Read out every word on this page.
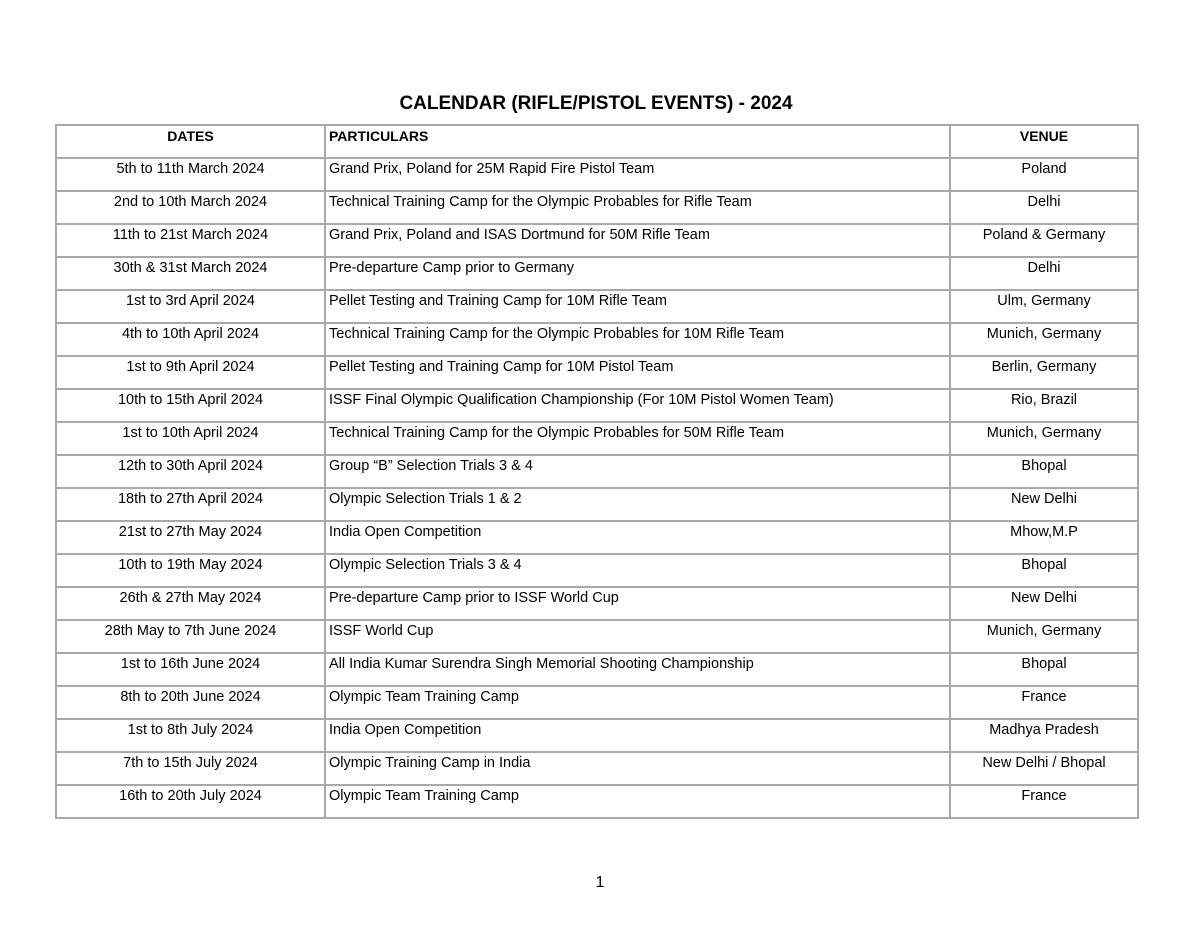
CALENDAR (RIFLE/PISTOL EVENTS) - 2024
DATES	PARTICULARS	VENUE
5th to 11th March 2024	Grand Prix, Poland for 25M Rapid Fire Pistol Team	Poland
2nd to 10th March 2024	Technical Training Camp for the Olympic Probables for Rifle Team	Delhi
11th to 21st March 2024	Grand Prix, Poland and ISAS Dortmund for 50M Rifle Team	Poland & Germany
30th & 31st March 2024	Pre-departure Camp prior to Germany	Delhi
1st to 3rd April 2024	Pellet Testing and Training Camp for 10M Rifle Team	Ulm, Germany
4th to 10th April 2024	Technical Training Camp for the Olympic Probables for 10M Rifle Team	Munich, Germany
1st to 9th April 2024	Pellet Testing and Training Camp for 10M Pistol Team	Berlin, Germany
10th to 15th April 2024	ISSF Final Olympic Qualification Championship (For 10M Pistol Women Team)	Rio, Brazil
1st to 10th April 2024	Technical Training Camp for the Olympic Probables for 50M Rifle Team	Munich, Germany
12th to 30th April 2024	Group “B” Selection Trials 3 & 4	Bhopal
18th to 27th April 2024	Olympic Selection Trials 1 & 2	New Delhi
21st to 27th May 2024	India Open Competition	Mhow,M.P
10th to 19th May 2024	Olympic Selection Trials 3 & 4	Bhopal
26th & 27th May 2024	Pre-departure Camp prior to ISSF World Cup	New Delhi
28th May to 7th June 2024	ISSF World Cup	Munich, Germany
1st to 16th June 2024	All India Kumar Surendra Singh Memorial Shooting Championship	Bhopal
8th to 20th June 2024	Olympic Team Training Camp	France
1st to 8th July 2024	India Open Competition	Madhya Pradesh
7th to 15th July 2024	Olympic Training Camp in India	New Delhi / Bhopal
16th to 20th July 2024	Olympic Team Training Camp	France
1
